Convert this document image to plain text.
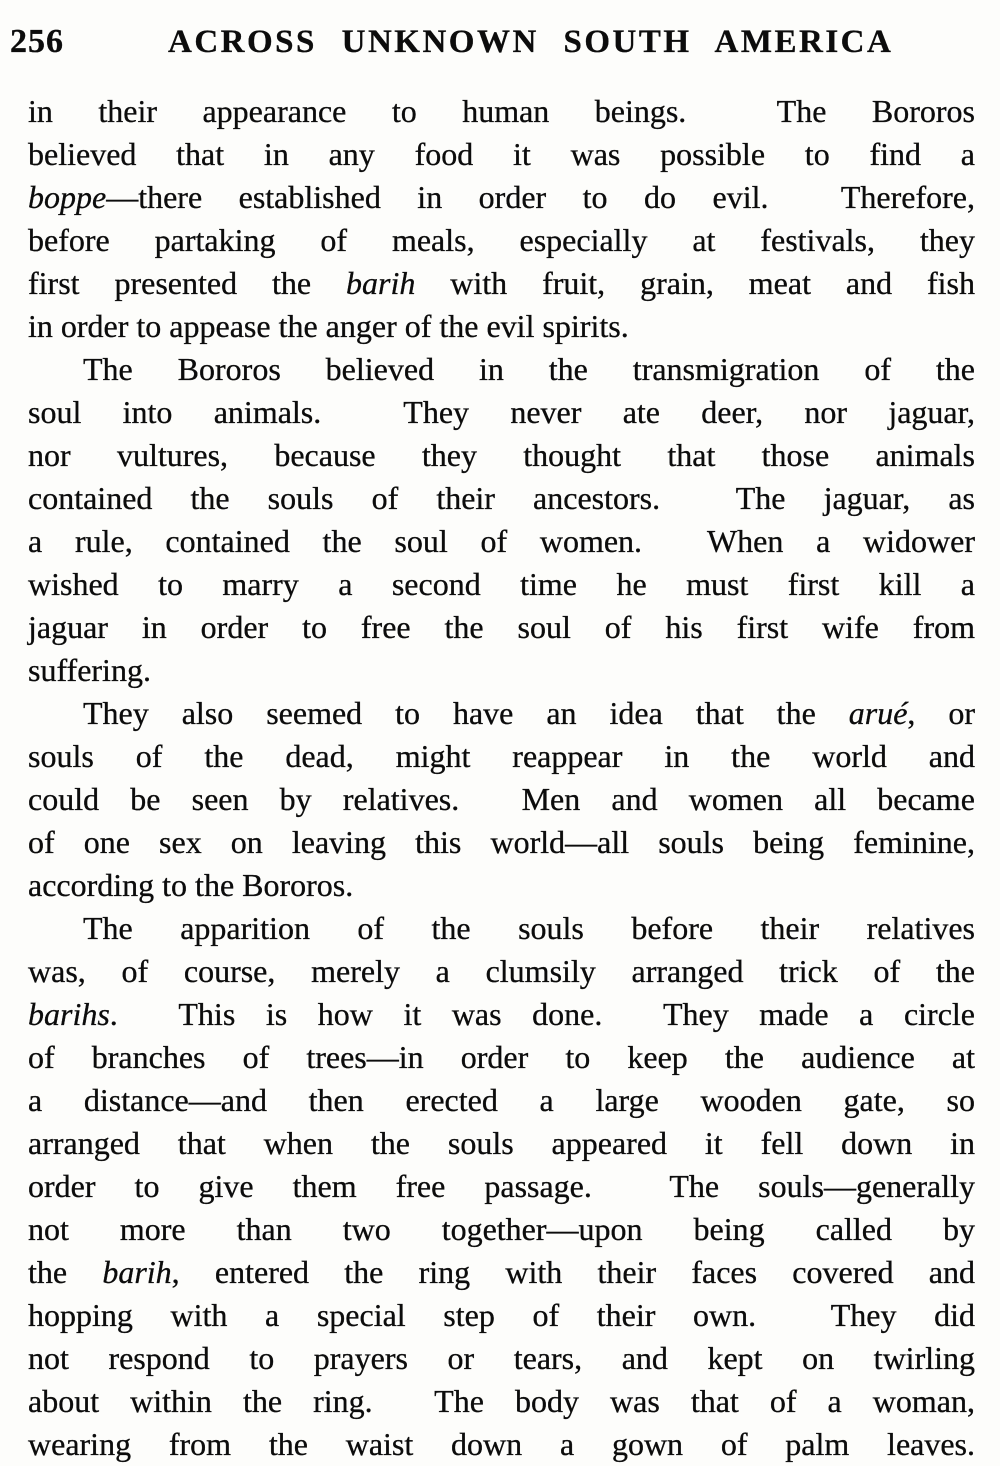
256	ACROSS UNKNOWN SOUTH AMERICA
in their appearance to human beings.  The Bororos
believed that in any food it was possible to find a
boppe—there established in order to do evil.  Therefore,
before partaking of meals, especially at festivals, they
first presented the barih with fruit, grain, meat and fish
in order to appease the anger of the evil spirits.
The Bororos believed in the transmigration of the
soul into animals.  They never ate deer, nor jaguar,
nor vultures, because they thought that those animals
contained the souls of their ancestors.  The jaguar, as
a rule, contained the soul of women.  When a widower
wished to marry a second time he must first kill a
jaguar in order to free the soul of his first wife from
suffering.
They also seemed to have an idea that the arué, or
souls of the dead, might reappear in the world and
could be seen by relatives.  Men and women all became
of one sex on leaving this world—all souls being feminine,
according to the Bororos.
The apparition of the souls before their relatives
was, of course, merely a clumsily arranged trick of the
barihs.  This is how it was done.  They made a circle
of branches of trees—in order to keep the audience at
a distance—and then erected a large wooden gate, so
arranged that when the souls appeared it fell down in
order to give them free passage.  The souls—generally
not more than two together—upon being called by
the barih, entered the ring with their faces covered and
hopping with a special step of their own.  They did
not respond to prayers or tears, and kept on twirling
about within the ring.  The body was that of a woman,
wearing from the waist down a gown of palm leaves.
